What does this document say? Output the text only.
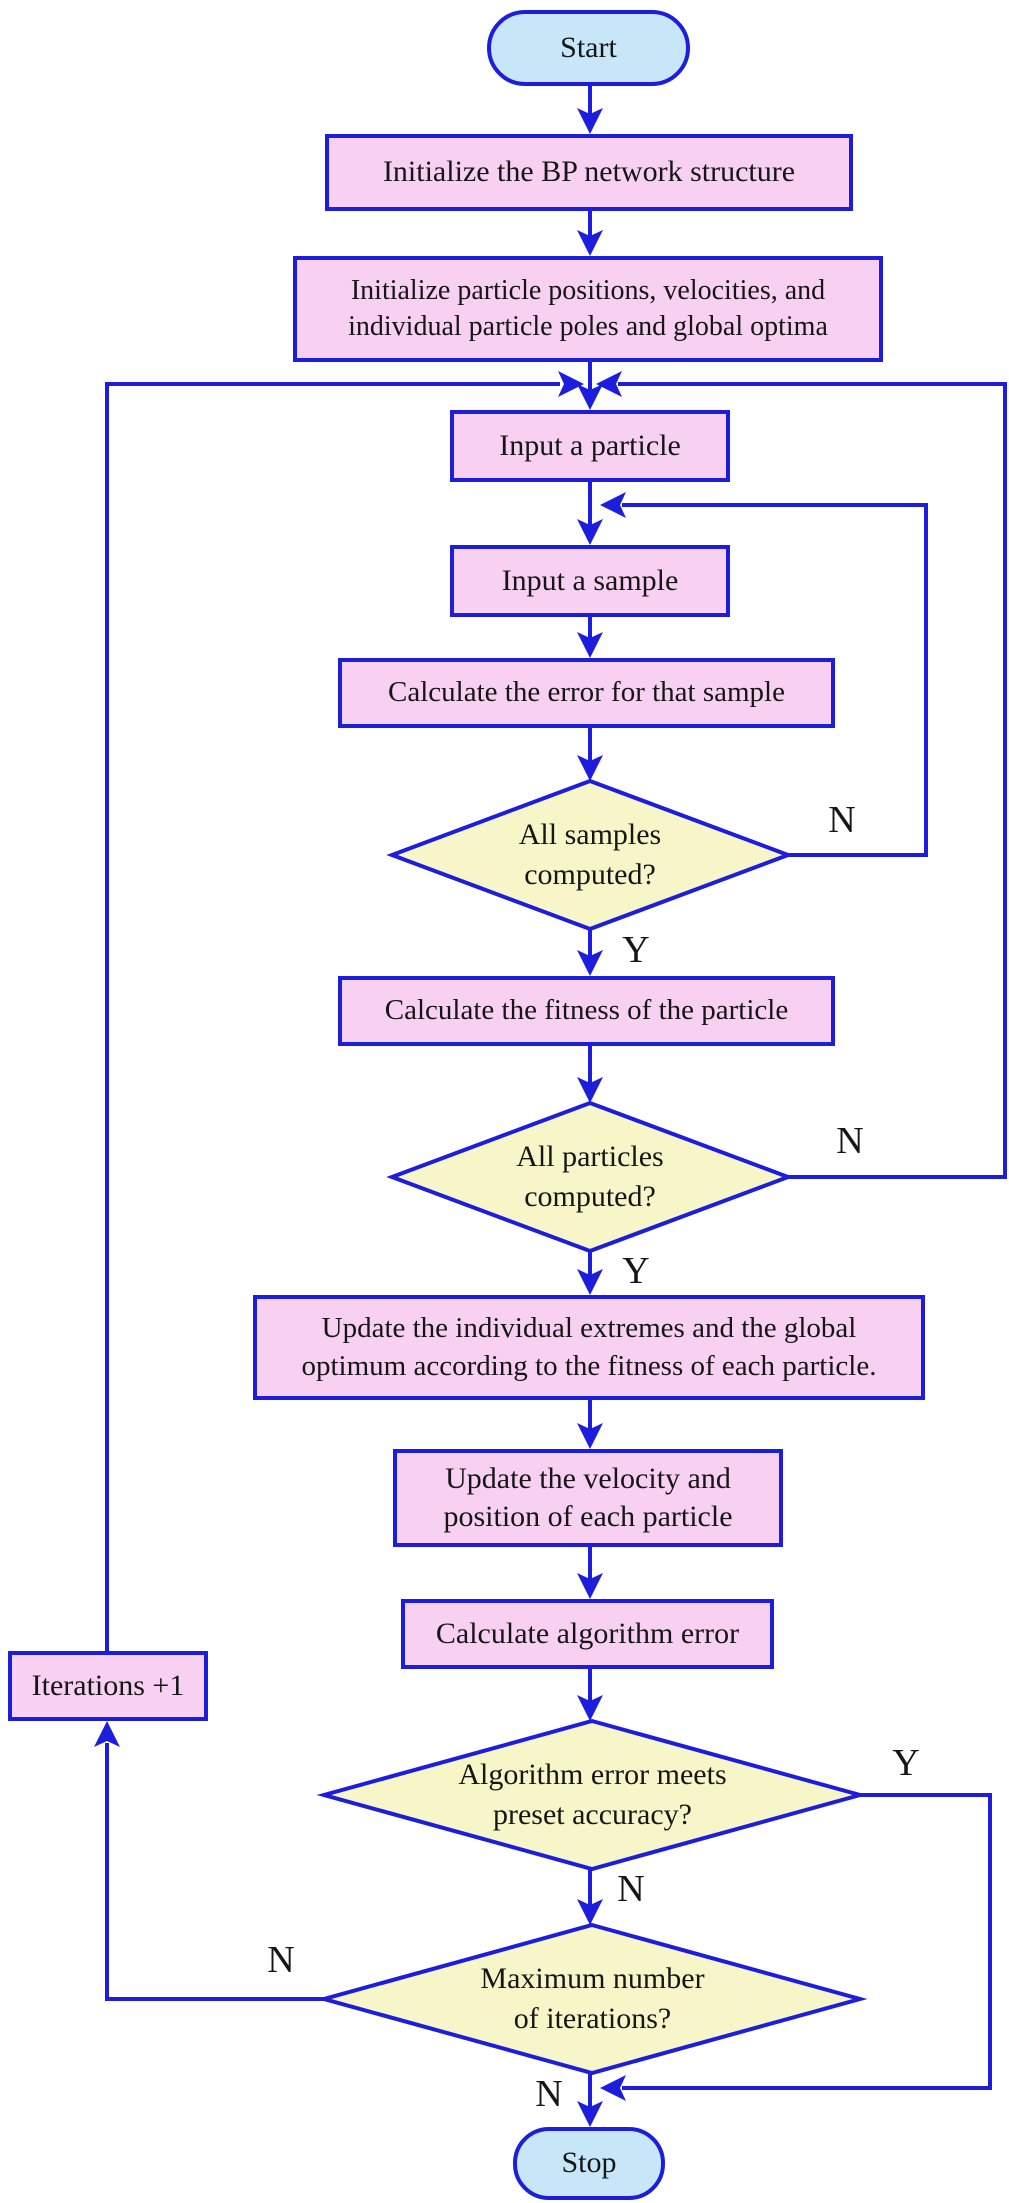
Start
Initialize the BP network structure
Initialize particle positions, velocities, and
individual particle poles and global optima
Input a particle
Input a sample
Calculate the error for that sample
All samples
computed?
Calculate the fitness of the particle
All particles
computed?
Update the individual extremes and the global
optimum according to the fitness of each particle.
Update the velocity and
position of each particle
Calculate algorithm error
Iterations +1
Algorithm error meets
preset accuracy?
Maximum number
of iterations?
Stop
N
Y
N
Y
Y
N
N
N
